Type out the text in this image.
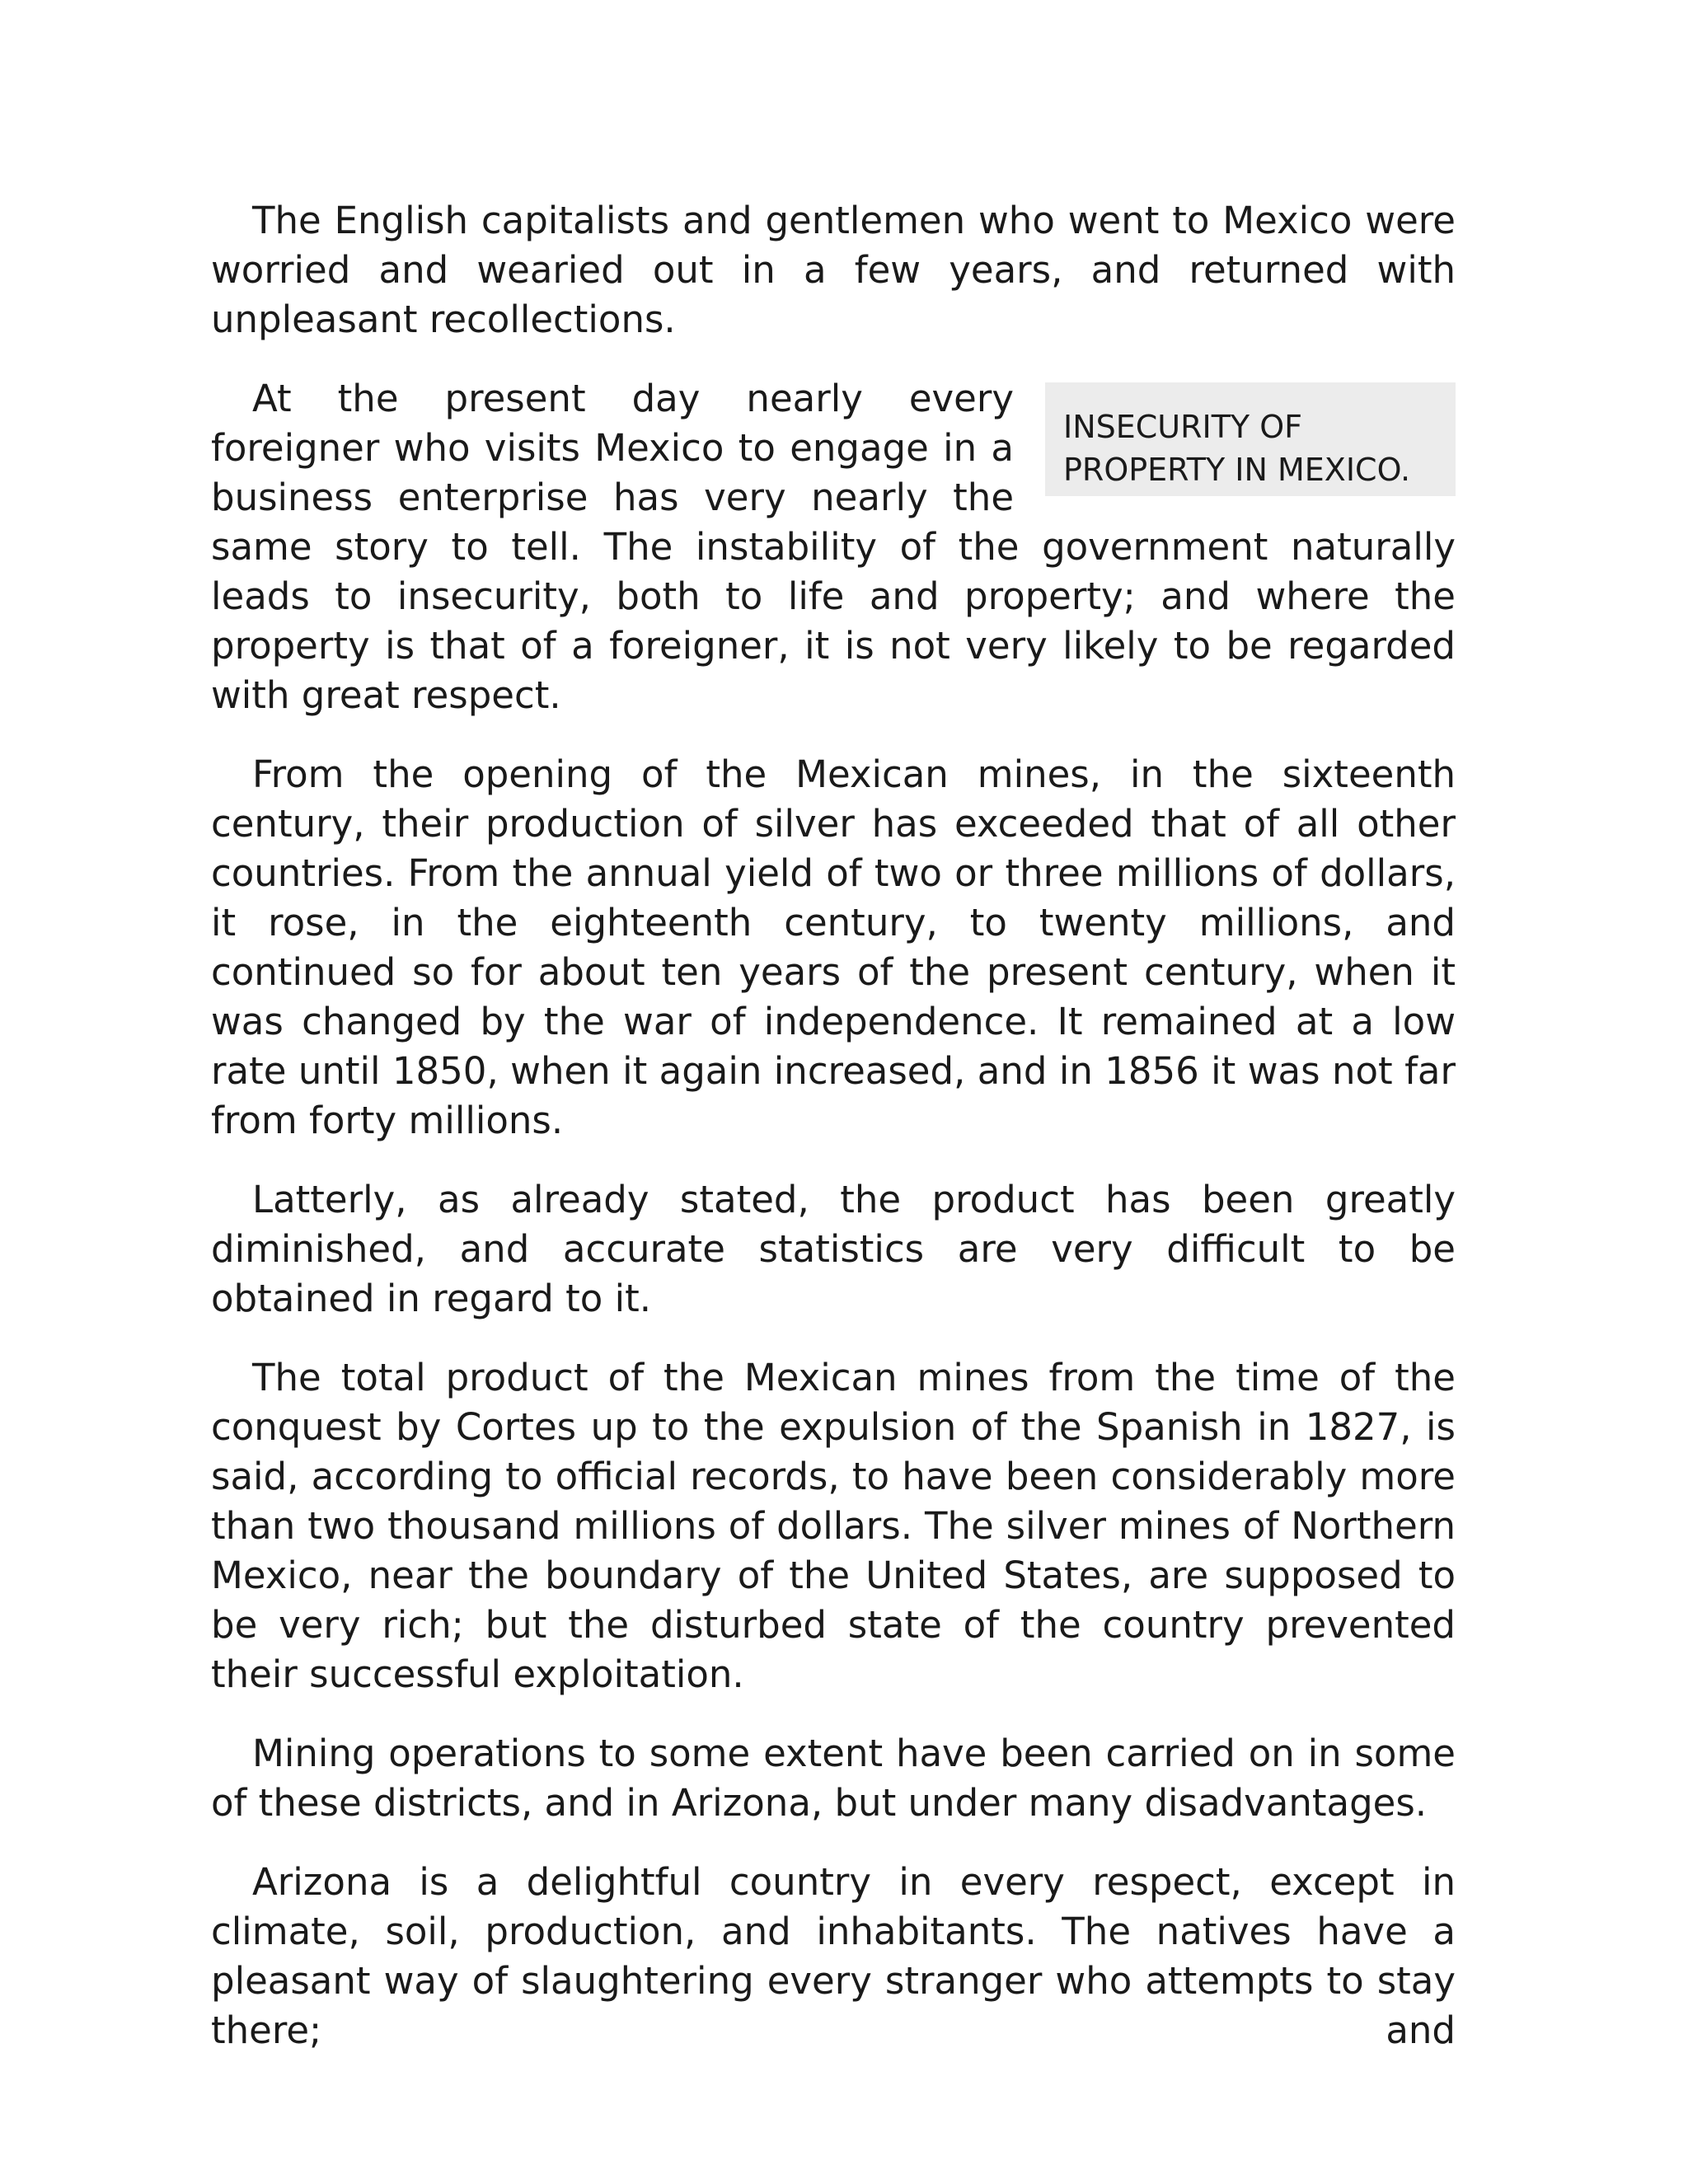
The English capitalists and gentlemen who went to Mexico were worried and wearied out in a few years, and returned with unpleasant recollections.

INSECURITY OF
PROPERTY IN MEXICO.
At the present day nearly every foreigner who visits Mexico to engage in a business enterprise has very nearly the same story to tell. The instability of the government naturally leads to insecurity, both to life and property; and where the property is that of a foreigner, it is not very likely to be regarded with great respect.

From the opening of the Mexican mines, in the sixteenth century, their production of silver has exceeded that of all other countries. From the annual yield of two or three millions of dollars, it rose, in the eighteenth century, to twenty millions, and continued so for about ten years of the present century, when it was changed by the war of independence. It remained at a low rate until 1850, when it again increased, and in 1856 it was not far from forty millions.

Latterly, as already stated, the product has been greatly diminished, and accurate statistics are very difficult to be obtained in regard to it.

The total product of the Mexican mines from the time of the conquest by Cortes up to the expulsion of the Spanish in 1827, is said, according to official records, to have been considerably more than two thousand millions of dollars. The silver mines of Northern Mexico, near the boundary of the United States, are supposed to be very rich; but the disturbed state of the country prevented their successful exploitation.

Mining operations to some extent have been carried on in some of these districts, and in Arizona, but under many disadvantages.

Arizona is a delightful country in every respect, except in climate, soil, production, and inhabitants. The natives have a pleasant way of slaughtering every stranger who attempts to stay there; and
